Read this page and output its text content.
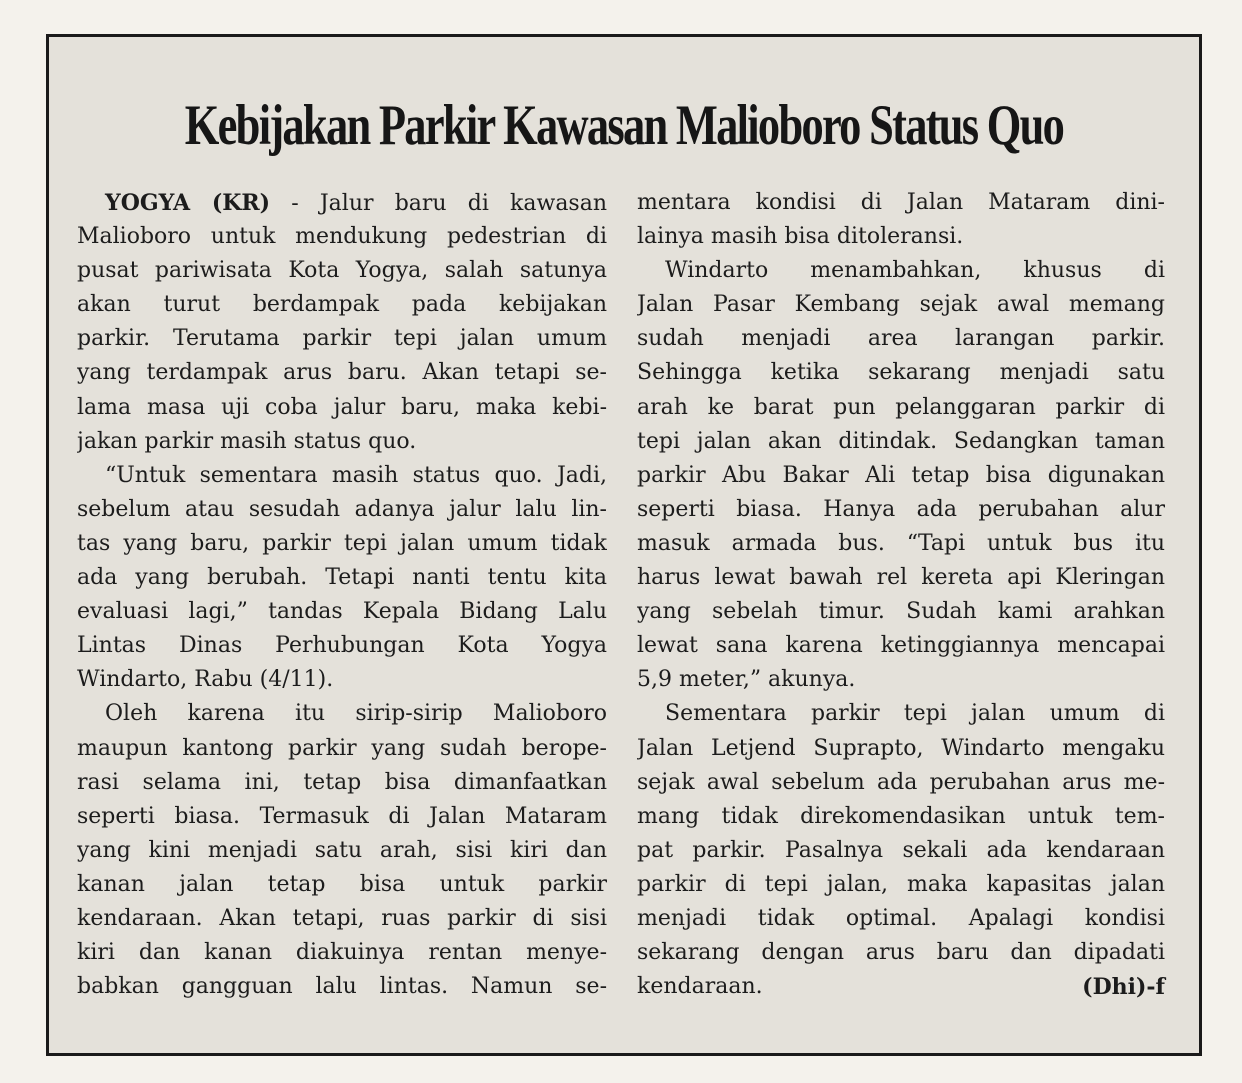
Kebijakan Parkir Kawasan Malioboro Status Quo
YOGYA (KR) - Jalur baru di kawasan
Malioboro untuk mendukung pedestrian di
pusat pariwisata Kota Yogya, salah satunya
akan turut berdampak pada kebijakan
parkir. Terutama parkir tepi jalan umum
yang terdampak arus baru. Akan tetapi se-
lama masa uji coba jalur baru, maka kebi-
jakan parkir masih status quo.
“Untuk sementara masih status quo. Jadi,
sebelum atau sesudah adanya jalur lalu lin-
tas yang baru, parkir tepi jalan umum tidak
ada yang berubah. Tetapi nanti tentu kita
evaluasi lagi,” tandas Kepala Bidang Lalu
Lintas Dinas Perhubungan Kota Yogya
Windarto, Rabu (4/11).
Oleh karena itu sirip-sirip Malioboro
maupun kantong parkir yang sudah berope-
rasi selama ini, tetap bisa dimanfaatkan
seperti biasa. Termasuk di Jalan Mataram
yang kini menjadi satu arah, sisi kiri dan
kanan jalan tetap bisa untuk parkir
kendaraan. Akan tetapi, ruas parkir di sisi
kiri dan kanan diakuinya rentan menye-
babkan gangguan lalu lintas. Namun se-
mentara kondisi di Jalan Mataram dini-
lainya masih bisa ditoleransi.
Windarto menambahkan, khusus di
Jalan Pasar Kembang sejak awal memang
sudah menjadi area larangan parkir.
Sehingga ketika sekarang menjadi satu
arah ke barat pun pelanggaran parkir di
tepi jalan akan ditindak. Sedangkan taman
parkir Abu Bakar Ali tetap bisa digunakan
seperti biasa. Hanya ada perubahan alur
masuk armada bus. “Tapi untuk bus itu
harus lewat bawah rel kereta api Kleringan
yang sebelah timur. Sudah kami arahkan
lewat sana karena ketinggiannya mencapai
5,9 meter,” akunya.
Sementara parkir tepi jalan umum di
Jalan Letjend Suprapto, Windarto mengaku
sejak awal sebelum ada perubahan arus me-
mang tidak direkomendasikan untuk tem-
pat parkir. Pasalnya sekali ada kendaraan
parkir di tepi jalan, maka kapasitas jalan
menjadi tidak optimal. Apalagi kondisi
sekarang dengan arus baru dan dipadati
kendaraan.	(Dhi)-f
